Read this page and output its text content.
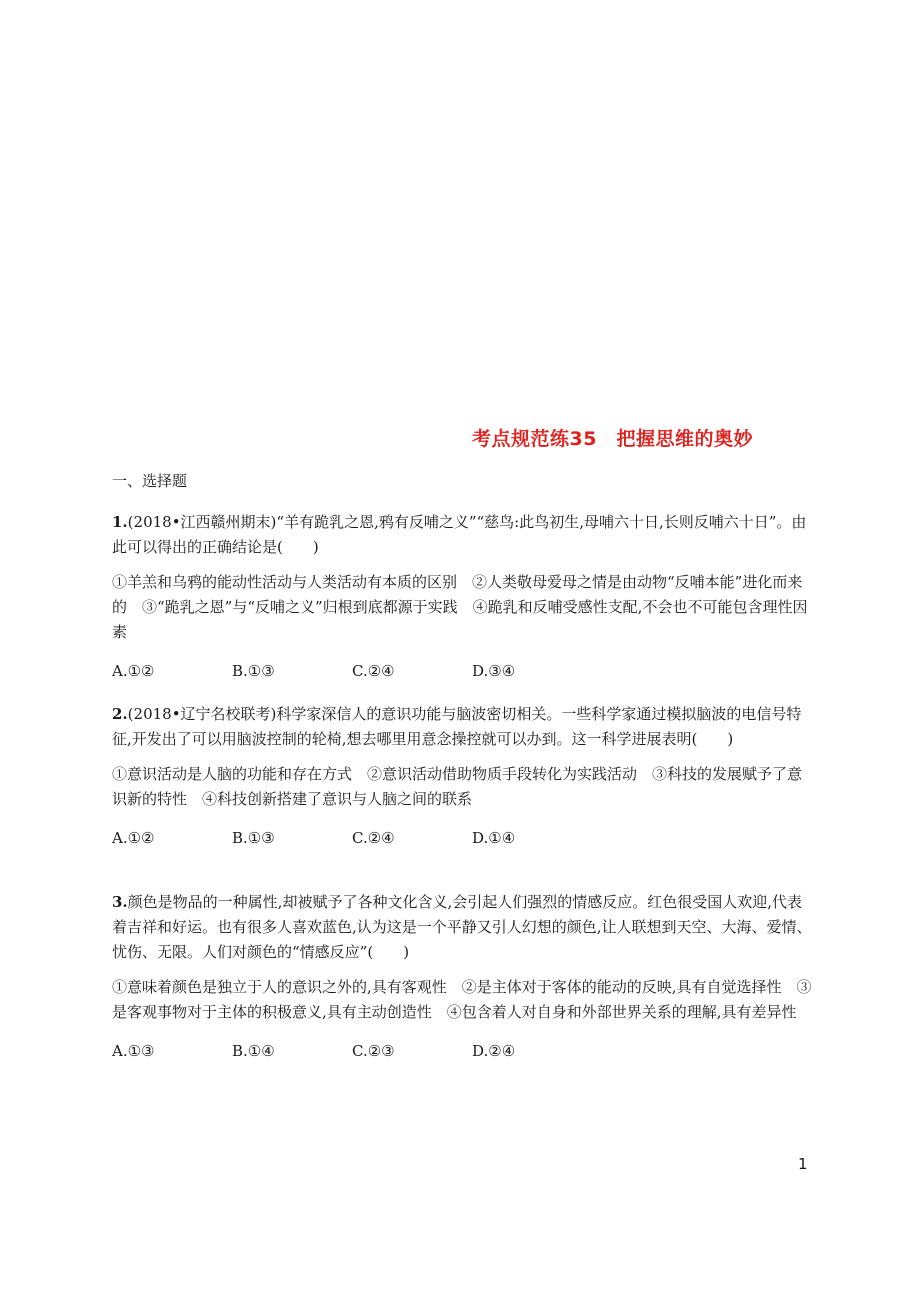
考点规范练35　把握思维的奥妙
一、选择题

1.(2018•江西赣州期末)“羊有跪乳之恩,鸦有反哺之义”“慈鸟:此鸟初生,母哺六十日,长则反哺六十日”。由此可以得出的正确结论是(　　)

①羊羔和乌鸦的能动性活动与人类活动有本质的区别　②人类敬母爱母之情是由动物“反哺本能”进化而来的　③“跪乳之恩”与“反哺之义”归根到底都源于实践　④跪乳和反哺受感性支配,不会也不可能包含理性因素

A.①②	B.①③	C.②④	D.③④

2.(2018•辽宁名校联考)科学家深信人的意识功能与脑波密切相关。一些科学家通过模拟脑波的电信号特征,开发出了可以用脑波控制的轮椅,想去哪里用意念操控就可以办到。这一科学进展表明(　　)

①意识活动是人脑的功能和存在方式　②意识活动借助物质手段转化为实践活动　③科技的发展赋予了意识新的特性　④科技创新搭建了意识与人脑之间的联系

A.①②	B.①③	C.②④	D.①④

3.颜色是物品的一种属性,却被赋予了各种文化含义,会引起人们强烈的情感反应。红色很受国人欢迎,代表着吉祥和好运。也有很多人喜欢蓝色,认为这是一个平静又引人幻想的颜色,让人联想到天空、大海、爱情、忧伤、无限。人们对颜色的“情感反应”(　　)

①意味着颜色是独立于人的意识之外的,具有客观性　②是主体对于客体的能动的反映,具有自觉选择性　③是客观事物对于主体的积极意义,具有主动创造性　④包含着人对自身和外部世界关系的理解,具有差异性

A.①③	B.①④	C.②③	D.②④
1
